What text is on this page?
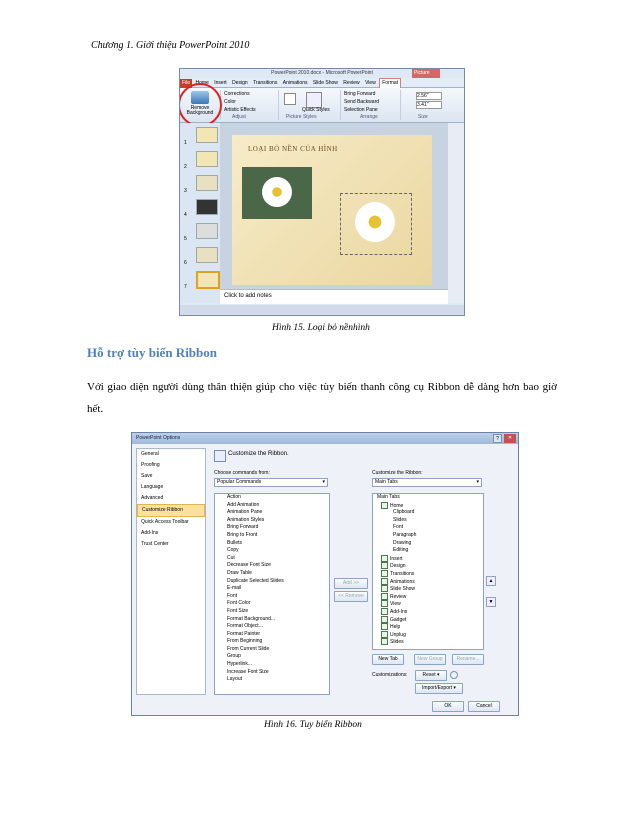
Chương 1. Giới thiệu PowerPoint 2010
PowerPoint 2010.docx - Microsoft PowerPoint	Picture
File Home Insert Design Transitions Animations Slide Show Review View Format
Remove Background
Corrections
Color
Artistic Effects
Adjust
Quick Styles
Picture Styles
Bring Forward
Send Backward
Selection Pane
Arrange
2.56"
3.41"
Size
1
2
3
4
5
6
7
LOẠI BỎ NỀN CỦA HÌNH
Click to add notes
Hình 15. Loại bỏ nềnhình
Hỗ trợ tùy biến Ribbon
Với giao diện người dùng thân thiện giúp cho việc tùy biến thanh công cụ Ribbon dễ dàng hơn bao giờ hết.
PowerPoint Options	?	✕
General
Proofing
Save
Language
Advanced
Customize Ribbon
Quick Access Toolbar
Add-Ins
Trust Center
Customize the Ribbon.
Choose commands from:
Popular Commands	▾
Action
Add Animation
Animation Pane
Animation Styles
Bring Forward
Bring to Front
Bullets
Copy
Cut
Decrease Font Size
Draw Table
Duplicate Selected Slides
E-mail
Font
Font Color
Font Size
Format Background...
Format Object...
Format Painter
From Beginning
From Current Slide
Group
Hyperlink...
Increase Font Size
Layout
Add >>
<< Remove
Customize the Ribbon:
Main Tabs	▾
Main Tabs
Home
Clipboard
Slides
Font
Paragraph
Drawing
Editing
Insert
Design
Transitions
Animations
Slide Show
Review
View
Add-Ins
Gadget
Help
Unplug
Slides
▲
▼
New Tab	New Group	Rename...
Customizations:	Reset ▾
Import/Export ▾
OK	Cancel
Hình 16. Tuy biến Ribbon
